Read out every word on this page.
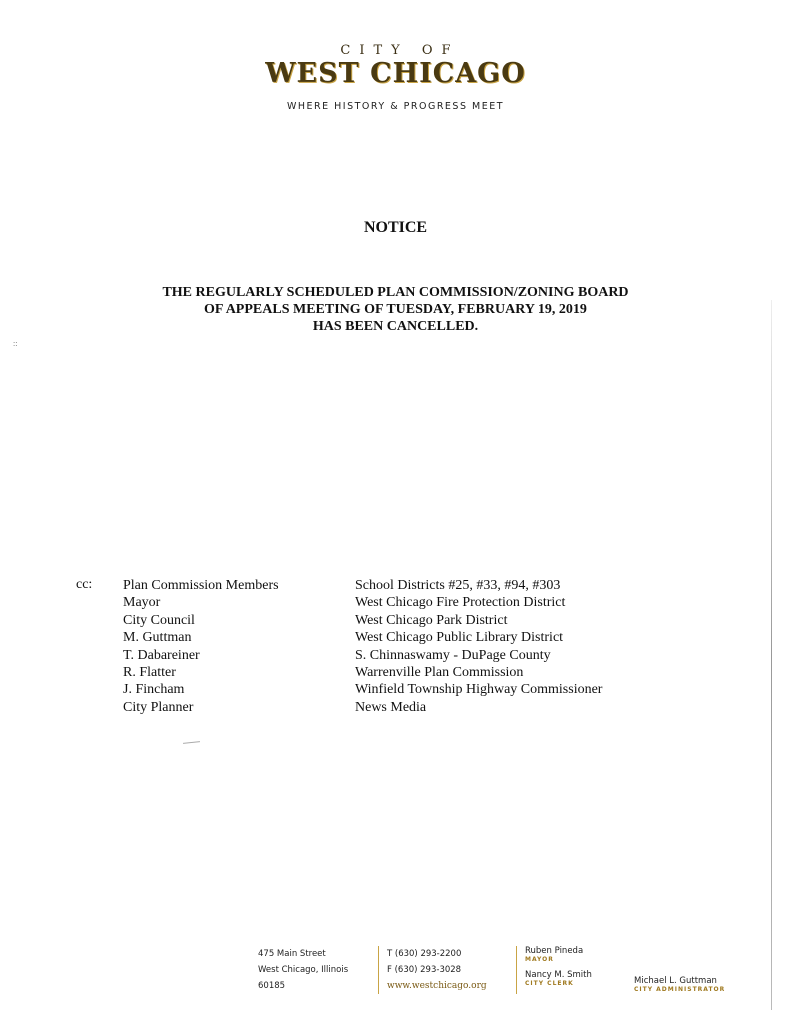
CITY OF
WEST CHICAGO
WHERE HISTORY & PROGRESS MEET
NOTICE
THE REGULARLY SCHEDULED PLAN COMMISSION/ZONING BOARD
OF APPEALS MEETING OF TUESDAY, FEBRUARY 19, 2019
HAS BEEN CANCELLED.
cc: Plan Commission Members
Mayor
City Council
M. Guttman
T. Dabareiner
R. Flatter
J. Fincham
City Planner
School Districts #25, #33, #94, #303
West Chicago Fire Protection District
West Chicago Park District
West Chicago Public Library District
S. Chinnaswamy - DuPage County
Warrenville Plan Commission
Winfield Township Highway Commissioner
News Media
::
475 Main Street
West Chicago, Illinois
60185
T (630) 293-2200
F (630) 293-3028
www.westchicago.org
Ruben Pineda
MAYOR
Nancy M. Smith
CITY CLERK	Michael L. Guttman
CITY ADMINISTRATOR
